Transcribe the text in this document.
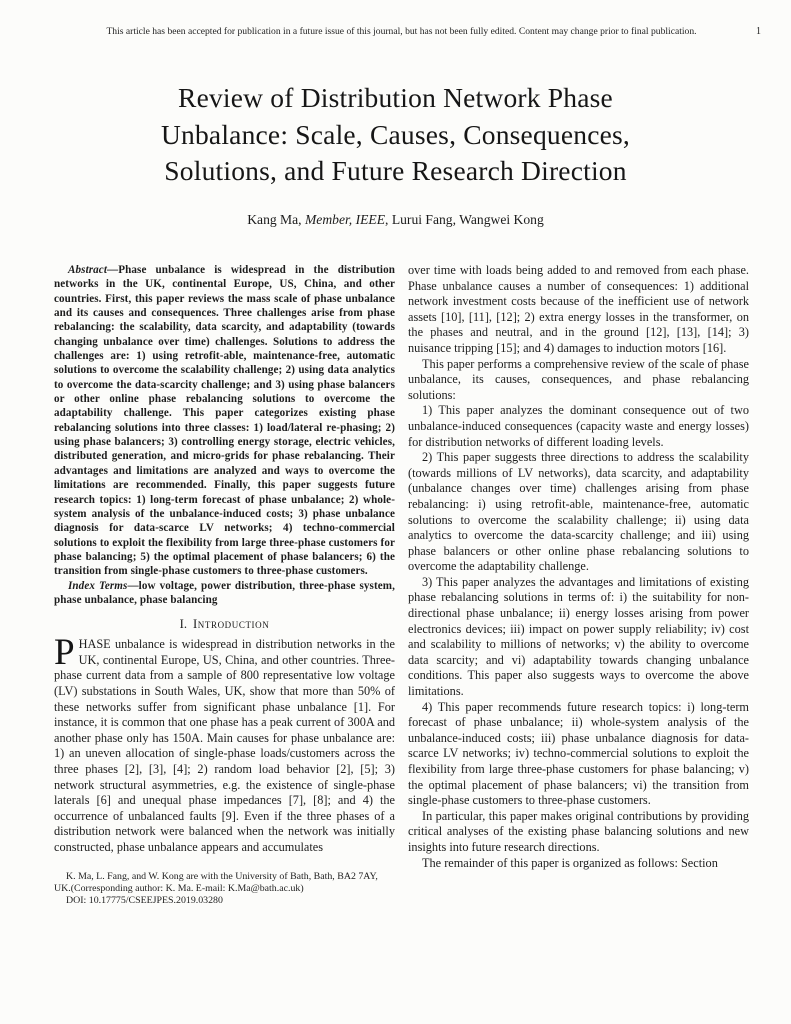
This article has been accepted for publication in a future issue of this journal, but has not been fully edited. Content may change prior to final publication.	1
Review of Distribution Network Phase
Unbalance: Scale, Causes, Consequences,
Solutions, and Future Research Direction
Kang Ma, Member, IEEE, Lurui Fang, Wangwei Kong

Abstract—Phase unbalance is widespread in the distribution networks in the UK, continental Europe, US, China, and other countries. First, this paper reviews the mass scale of phase unbalance and its causes and consequences. Three challenges arise from phase rebalancing: the scalability, data scarcity, and adaptability (towards changing unbalance over time) challenges. Solutions to address the challenges are: 1) using retrofit-able, maintenance-free, automatic solutions to overcome the scalability challenge; 2) using data analytics to overcome the data-scarcity challenge; and 3) using phase balancers or other online phase rebalancing solutions to overcome the adaptability challenge. This paper categorizes existing phase rebalancing solutions into three classes: 1) load/lateral re-phasing; 2) using phase balancers; 3) controlling energy storage, electric vehicles, distributed generation, and micro-grids for phase rebalancing. Their advantages and limitations are analyzed and ways to overcome the limitations are recommended. Finally, this paper suggests future research topics: 1) long-term forecast of phase unbalance; 2) whole-system analysis of the unbalance-induced costs; 3) phase unbalance diagnosis for data-scarce LV networks; 4) techno-commercial solutions to exploit the flexibility from large three-phase customers for phase balancing; 5) the optimal placement of phase balancers; 6) the transition from single-phase customers to three-phase customers.

Index Terms—low voltage, power distribution, three-phase system, phase unbalance, phase balancing

I. Introduction

PHASE unbalance is widespread in distribution networks in the UK, continental Europe, US, China, and other countries. Three-phase current data from a sample of 800 representative low voltage (LV) substations in South Wales, UK, show that more than 50% of these networks suffer from significant phase unbalance [1]. For instance, it is common that one phase has a peak current of 300A and another phase only has 150A. Main causes for phase unbalance are: 1) an uneven allocation of single-phase loads/customers across the three phases [2], [3], [4]; 2) random load behavior [2], [5]; 3) network structural asymmetries, e.g. the existence of single-phase laterals [6] and unequal phase impedances [7], [8]; and 4) the occurrence of unbalanced faults [9]. Even if the three phases of a distribution network were balanced when the network was initially constructed, phase unbalance appears and accumulates

K. Ma, L. Fang, and W. Kong are with the University of Bath, Bath, BA2 7AY, UK.(Corresponding author: K. Ma. E-mail: K.Ma@bath.ac.uk)

DOI: 10.17775/CSEEJPES.2019.03280

over time with loads being added to and removed from each phase. Phase unbalance causes a number of consequences: 1) additional network investment costs because of the inefficient use of network assets [10], [11], [12]; 2) extra energy losses in the transformer, on the phases and neutral, and in the ground [12], [13], [14]; 3) nuisance tripping [15]; and 4) damages to induction motors [16].

This paper performs a comprehensive review of the scale of phase unbalance, its causes, consequences, and phase rebalancing solutions:

1) This paper analyzes the dominant consequence out of two unbalance-induced consequences (capacity waste and energy losses) for distribution networks of different loading levels.

2) This paper suggests three directions to address the scalability (towards millions of LV networks), data scarcity, and adaptability (unbalance changes over time) challenges arising from phase rebalancing: i) using retrofit-able, maintenance-free, automatic solutions to overcome the scalability challenge; ii) using data analytics to overcome the data-scarcity challenge; and iii) using phase balancers or other online phase rebalancing solutions to overcome the adaptability challenge.

3) This paper analyzes the advantages and limitations of existing phase rebalancing solutions in terms of: i) the suitability for non-directional phase unbalance; ii) energy losses arising from power electronics devices; iii) impact on power supply reliability; iv) cost and scalability to millions of networks; v) the ability to overcome data scarcity; and vi) adaptability towards changing unbalance conditions. This paper also suggests ways to overcome the above limitations.

4) This paper recommends future research topics: i) long-term forecast of phase unbalance; ii) whole-system analysis of the unbalance-induced costs; iii) phase unbalance diagnosis for data-scarce LV networks; iv) techno-commercial solutions to exploit the flexibility from large three-phase customers for phase balancing; v) the optimal placement of phase balancers; vi) the transition from single-phase customers to three-phase customers.

In particular, this paper makes original contributions by providing critical analyses of the existing phase balancing solutions and new insights into future research directions.

The remainder of this paper is organized as follows: Section
